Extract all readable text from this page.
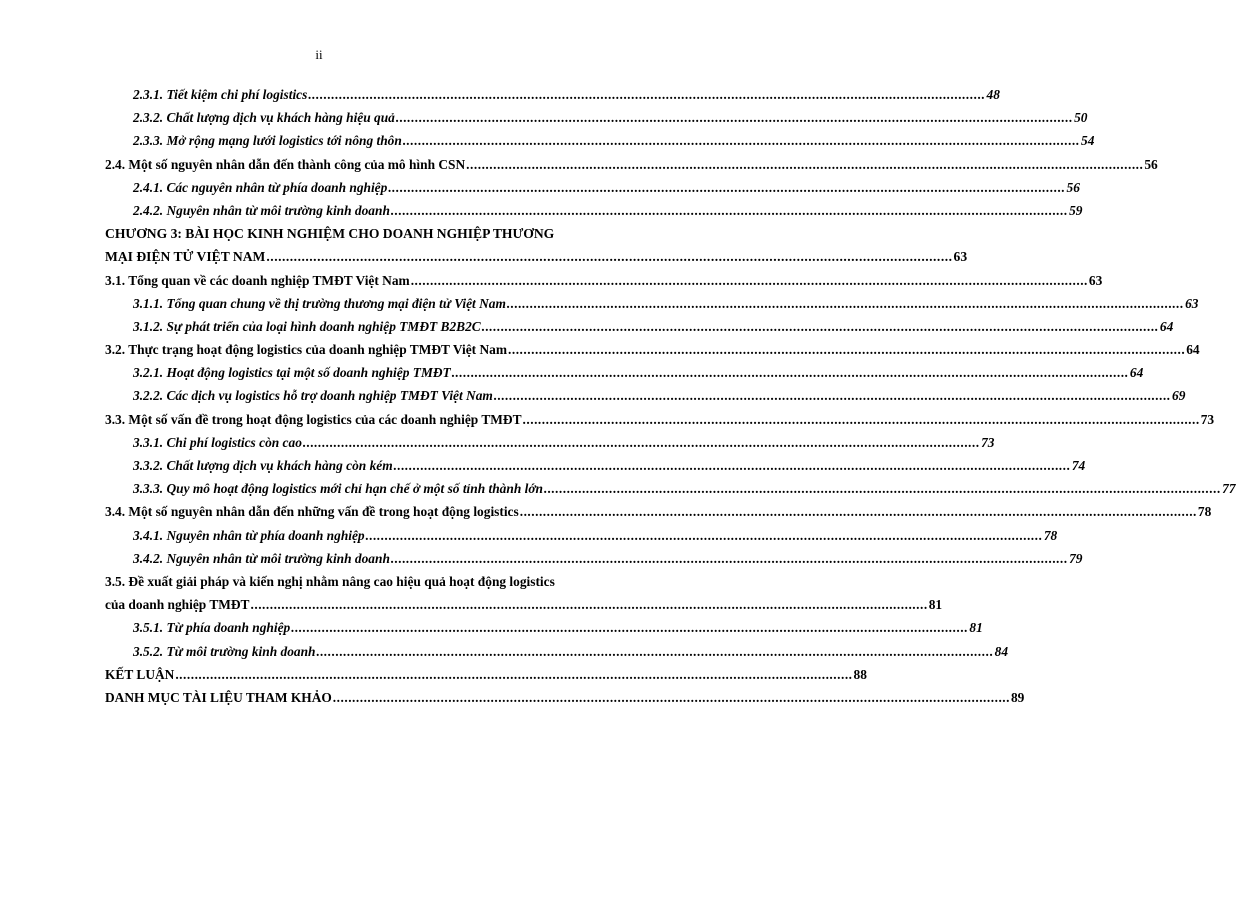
ii
2.3.1. Tiết kiệm chi phí logistics .....	48
2.3.2. Chất lượng dịch vụ khách hàng hiệu quả .....	50
2.3.3. Mở rộng mạng lưới logistics tới nông thôn .....	54
2.4. Một số nguyên nhân dẫn đến thành công của mô hình CSN .....	56
2.4.1. Các nguyên nhân từ phía doanh nghiệp .....	56
2.4.2. Nguyên nhân từ môi trường kinh doanh .....	59
CHƯƠNG 3: BÀI HỌC KINH NGHIỆM CHO DOANH NGHIỆP THƯƠNG
MẠI ĐIỆN TỬ VIỆT NAM .....	63
3.1. Tổng quan về các doanh nghiệp TMĐT Việt Nam .....	63
3.1.1. Tổng quan chung về thị trường thương mại điện tử Việt Nam .....	63
3.1.2. Sự phát triển của loại hình doanh nghiệp TMĐT B2B2C .....	64
3.2. Thực trạng hoạt động logistics của doanh nghiệp TMĐT Việt Nam .....	64
3.2.1. Hoạt động logistics tại một số doanh nghiệp TMĐT .....	64
3.2.2. Các dịch vụ logistics hỗ trợ doanh nghiệp TMĐT Việt Nam .....	69
3.3. Một số vấn đề trong hoạt động logistics của các doanh nghiệp TMĐT .....	73
3.3.1. Chi phí logistics còn cao .....	73
3.3.2. Chất lượng dịch vụ khách hàng còn kém .....	74
3.3.3. Quy mô hoạt động logistics mới chỉ hạn chế ở một số tỉnh thành lớn .....	77
3.4. Một số nguyên nhân dẫn đến những vấn đề trong hoạt động logistics .....	78
3.4.1. Nguyên nhân từ phía doanh nghiệp .....	78
3.4.2. Nguyên nhân từ môi trường kinh doanh .....	79
3.5. Đề xuất giải pháp và kiến nghị nhằm nâng cao hiệu quả hoạt động logistics
của doanh nghiệp TMĐT .....	81
3.5.1. Từ phía doanh nghiệp .....	81
3.5.2. Từ môi trường kinh doanh .....	84
KẾT LUẬN .....	88
DANH MỤC TÀI LIỆU THAM KHẢO .....	89
